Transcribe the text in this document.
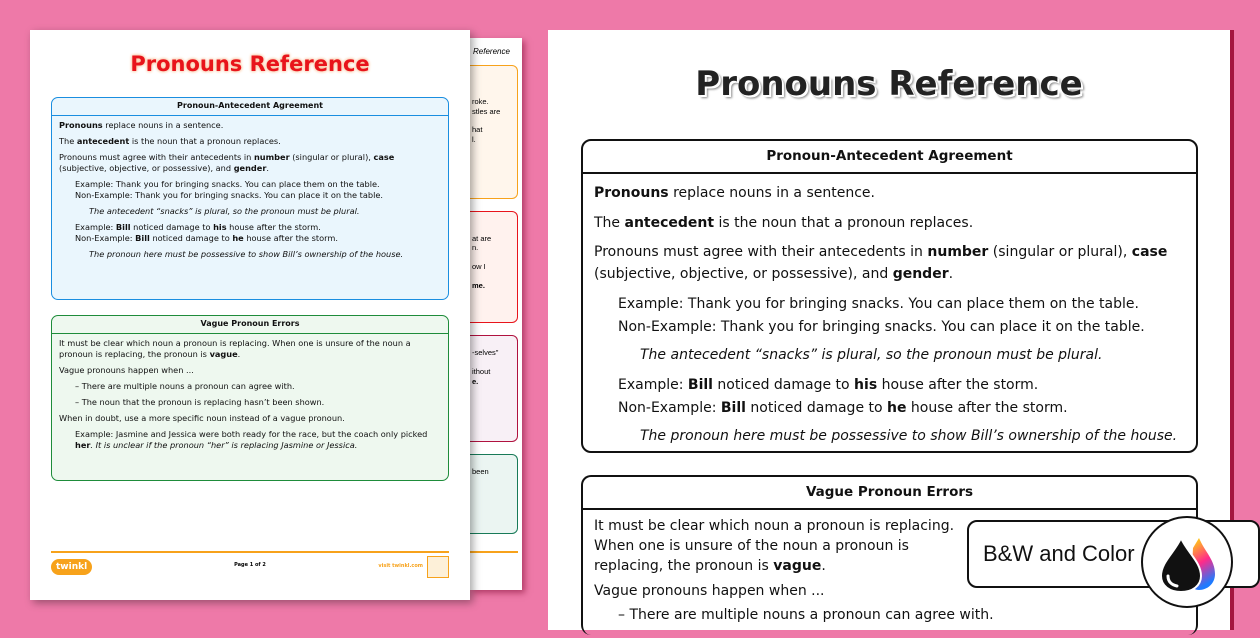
Reference

roke.
stles are

hat
l.

at are
n.

ow I

me.

-selves"

ithout
e.

been
Pronouns Reference
Pronoun-Antecedent Agreement

Pronouns replace nouns in a sentence.

The antecedent is the noun that a pronoun replaces.

Pronouns must agree with their antecedents in number (singular or plural), case (subjective, objective, or possessive), and gender.

Example: Thank you for bringing snacks. You can place them on the table.

Non-Example: Thank you for bringing snacks. You can place it on the table.

The antecedent “snacks” is plural, so the pronoun must be plural.

Example: Bill noticed damage to his house after the storm.

Non-Example: Bill noticed damage to he house after the storm.

The pronoun here must be possessive to show Bill’s ownership of the house.
Vague Pronoun Errors

It must be clear which noun a pronoun is replacing. When one is unsure of the noun a pronoun is replacing, the pronoun is vague.

Vague pronouns happen when ...

– There are multiple nouns a pronoun can agree with.

– The noun that the pronoun is replacing hasn’t been shown.

When in doubt, use a more specific noun instead of a vague pronoun.

Example: Jasmine and Jessica were both ready for the race, but the coach only picked her. It is unclear if the pronoun “her” is replacing Jasmine or Jessica.
twinkl	Page 1 of 2	visit twinkl.com
Pronouns Reference
Pronoun-Antecedent Agreement

Pronouns replace nouns in a sentence.

The antecedent is the noun that a pronoun replaces.

Pronouns must agree with their antecedents in number (singular or plural), case (subjective, objective, or possessive), and gender.

Example: Thank you for bringing snacks. You can place them on the table.
Non-Example: Thank you for bringing snacks. You can place it on the table.
The antecedent “snacks” is plural, so the pronoun must be plural.
Example: Bill noticed damage to his house after the storm.
Non-Example: Bill noticed damage to he house after the storm.
The pronoun here must be possessive to show Bill’s ownership of the house.
Vague Pronoun Errors

It must be clear which noun a pronoun is replacing. When one is unsure of the noun a pronoun is replacing, the pronoun is vague.

Vague pronouns happen when ...

– There are multiple nouns a pronoun can agree with.

B&W and Color
